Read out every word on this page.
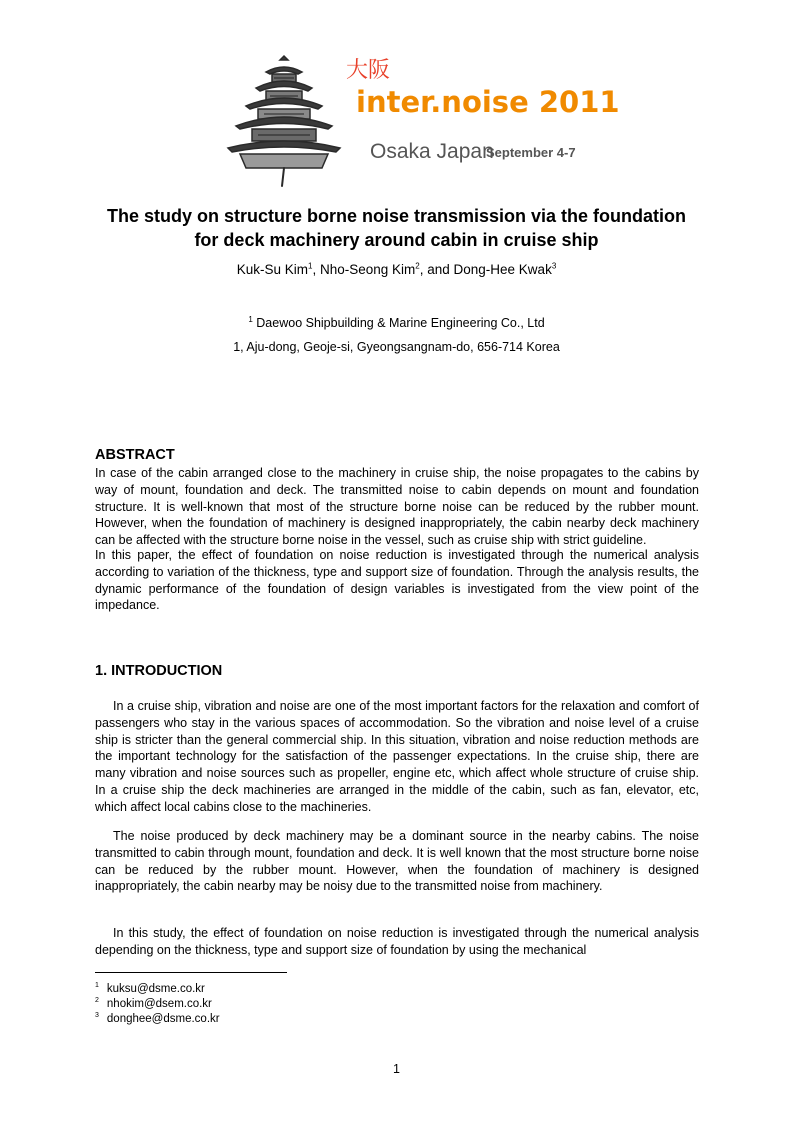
大阪
inter.noise 2011
Osaka Japan
September 4-7
The study on structure borne noise transmission via the foundation
for deck machinery around cabin in cruise ship
Kuk-Su Kim$^1$, Nho-Seong Kim$^2$, and Dong-Hee Kwak$^3$
$^1$ Daewoo Shipbuilding & Marine Engineering Co., Ltd
1, Aju-dong, Geoje-si, Gyeongsangnam-do, 656-714 Korea
ABSTRACT

In case of the cabin arranged close to the machinery in cruise ship, the noise propagates to the cabins by way of mount, foundation and deck. The transmitted noise to cabin depends on mount and foundation structure. It is well-known that most of the structure borne noise can be reduced by the rubber mount. However, when the foundation of machinery is designed inappropriately, the cabin nearby deck machinery can be affected with the structure borne noise in the vessel, such as cruise ship with strict guideline.

In this paper, the effect of foundation on noise reduction is investigated through the numerical analysis according to variation of the thickness, type and support size of foundation. Through the analysis results, the dynamic performance of the foundation of design variables is investigated from the view point of the impedance.

1. INTRODUCTION

In a cruise ship, vibration and noise are one of the most important factors for the relaxation and comfort of passengers who stay in the various spaces of accommodation. So the vibration and noise level of a cruise ship is stricter than the general commercial ship. In this situation, vibration and noise reduction methods are the important technology for the satisfaction of the passenger expectations. In the cruise ship, there are many vibration and noise sources such as propeller, engine etc, which affect whole structure of cruise ship. In a cruise ship the deck machineries are arranged in the middle of the cabin, such as fan, elevator, etc, which affect local cabins close to the machineries.

The noise produced by deck machinery may be a dominant source in the nearby cabins. The noise transmitted to cabin through mount, foundation and deck. It is well known that the most structure borne noise can be reduced by the rubber mount. However, when the foundation of machinery is designed inappropriately, the cabin nearby may be noisy due to the transmitted noise from machinery.

In this study, the effect of foundation on noise reduction is investigated through the numerical analysis depending on the thickness, type and support size of foundation by using the mechanical

$^1$ kuksu@dsme.co.kr
$^2$ nhokim@dsem.co.kr
$^3$ donghee@dsme.co.kr
1
